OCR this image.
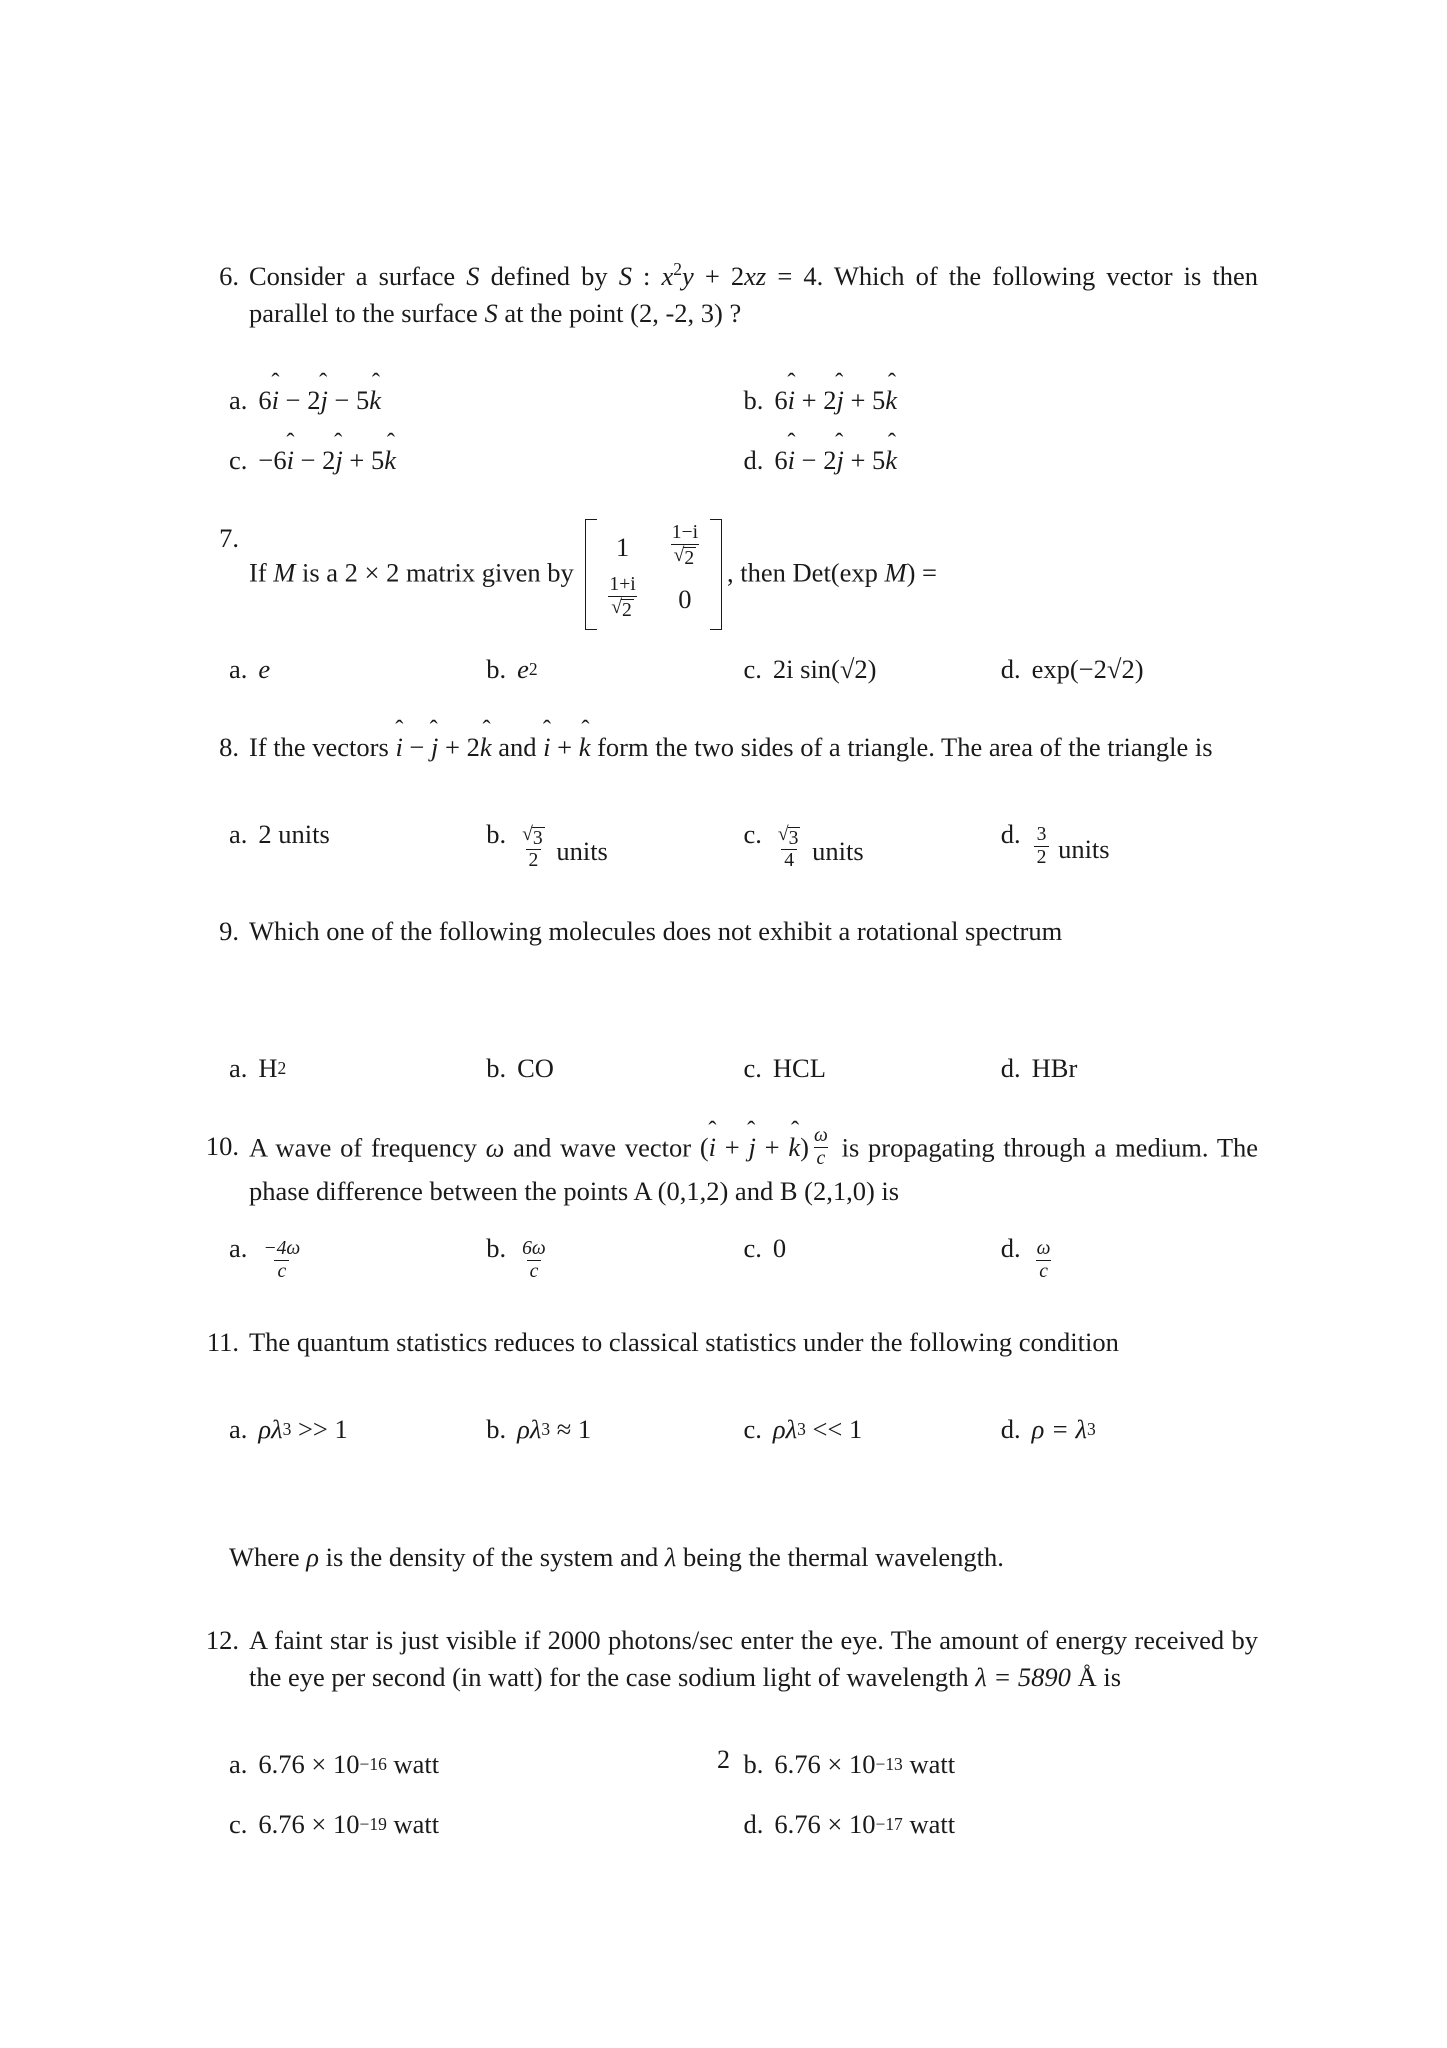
6. Consider a surface S defined by S : $x^2y + 2xz = 4$. Which of the following vector is then parallel to the surface S at the point (2, -2, 3) ?
a. 6 i ˆ
− 2 j ˆ
− 5 k ˆ	b. 6 i ˆ
+ 2 j ˆ
+ 5 k ˆ
c. −6 i ˆ
− 2 j ˆ
+ 5 k ˆ	d. 6 i ˆ
− 2 j ˆ
+ 5 k ˆ
7.
If M is a 2 × 2 matrix given by
$1 \frac{1-i}{√ 2}$
$\frac{1+i}{√ 2} 0$
, then Det(exp M) =
a. e	b. e 2	c. 2i sin(√2)	d. exp(−2√2)
8. If the vectors i ˆ − j ˆ + 2k ˆ and i ˆ + k ˆ form the two sides of a triangle. The area of the triangle is
a. 2
units	b. $\frac{√ 3}{2}$
units
c. $\frac{√ 3}{4}$
units
d. $\frac{3}{2}$
units
9. Which one of the following molecules does not exhibit a rotational spectrum
a. H 2	b. CO	c. HCL	d. HBr
10. A wave of frequency ω and wave vector (i ˆ + j ˆ + k ˆ) $\frac{\omega}{c}$ is propagating through a medium. The phase difference between the points A (0,1,2) and B (2,1,0) is
a. $\frac{-4\omega}{c}$	b. $\frac{6\omega}{c}$	c. 0	d. $\frac{\omega}{c}$
11. The quantum statistics reduces to classical statistics under the following condition
a. ρλ 3
>> 1	b. ρλ 3
≈ 1	c. ρλ 3
<< 1	d. ρ
= λ 3
Where ρ is the density of the system and λ being the thermal wavelength.
12. A faint star is just visible if 2000 photons/sec enter the eye. The amount of energy received by the eye per second (in watt) for the case sodium light of wavelength λ = 5890 Å is
a. 6.76 × 10 −16
watt	b. 6.76 × 10 −13
watt
c. 6.76 × 10 −19
watt	d. 6.76 × 10 −17
watt
2
